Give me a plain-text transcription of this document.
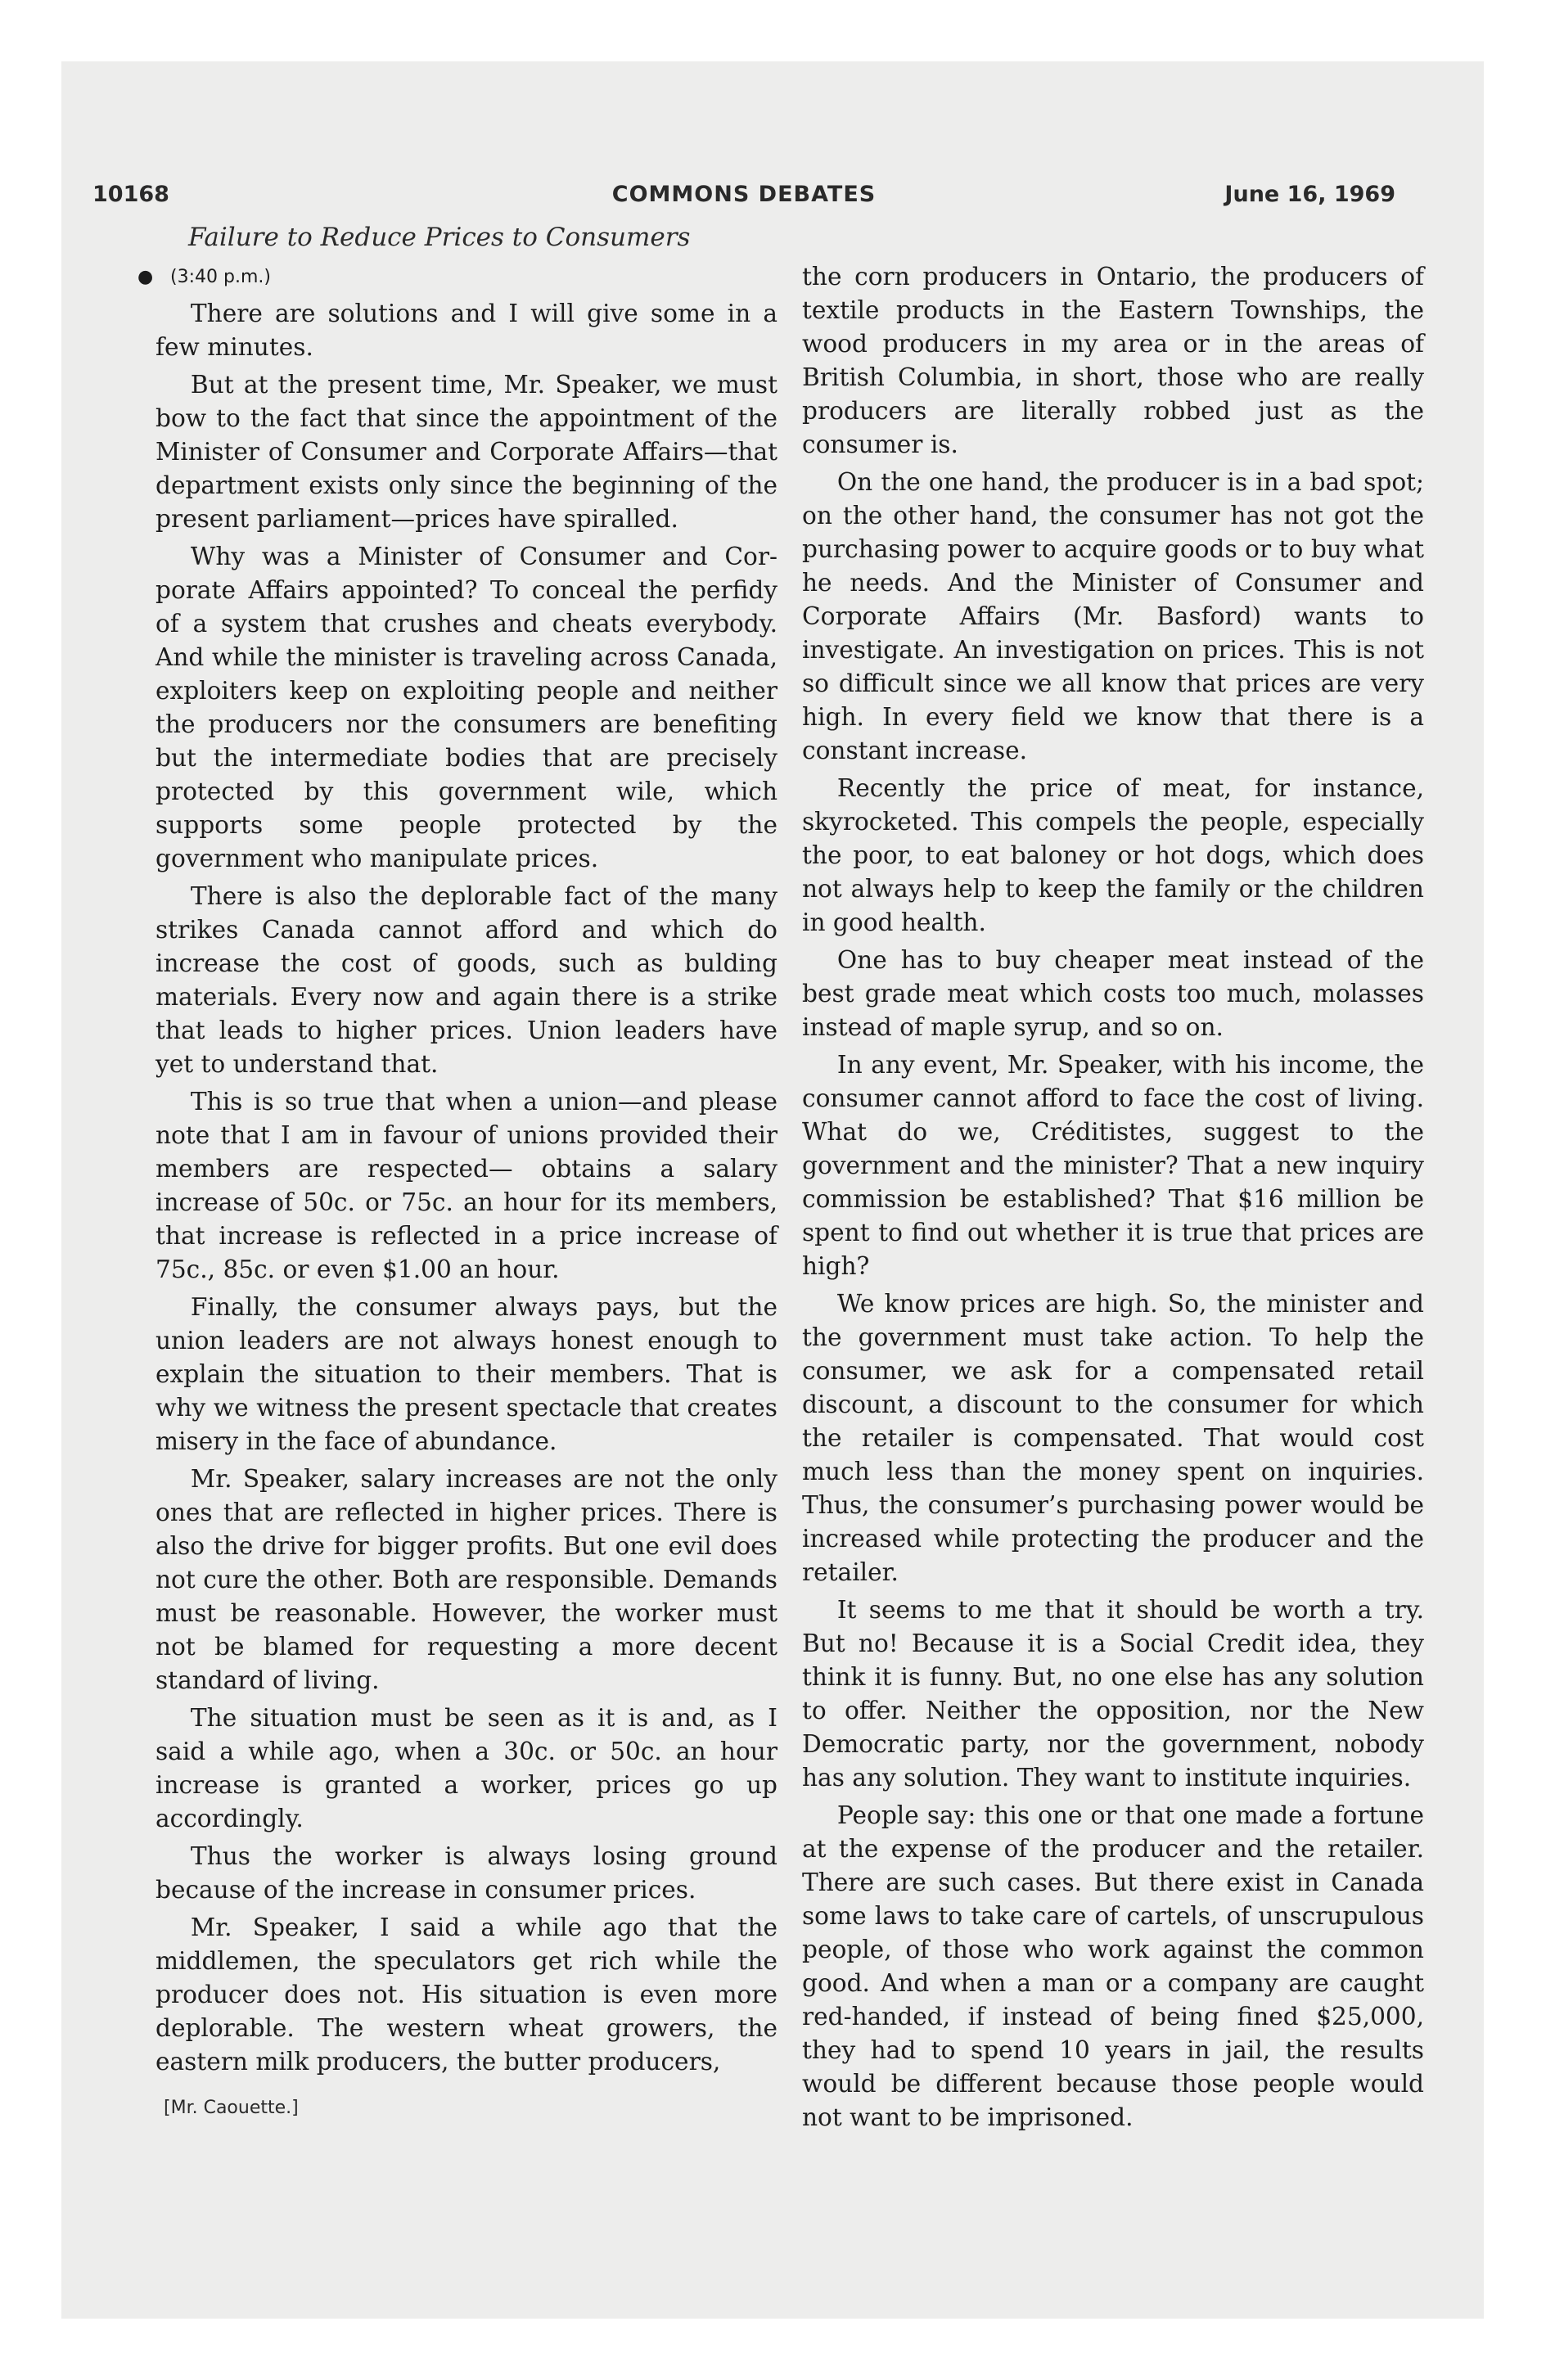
COMMONS DEBATES
10168	June 16, 1969
Failure to Reduce Prices to Consumers
● (3:40 p.m.)

There are solutions and I will give some in a few minutes.

But at the present time, Mr. Speaker, we must bow to the fact that since the appointment of the Minister of Consumer and Corporate Affairs—that department exists only since the beginning of the present parliament—prices have spiralled.

Why was a Minister of Consumer and Corporate Affairs appointed? To conceal the perfidy of a system that crushes and cheats everybody. And while the minister is traveling across Canada, exploiters keep on exploiting people and neither the producers nor the consumers are benefiting but the intermediate bodies that are precisely protected by this government wile, which supports some people protected by the government who manipulate prices.

There is also the deplorable fact of the many strikes Canada cannot afford and which do increase the cost of goods, such as bulding materials. Every now and again there is a strike that leads to higher prices. Union leaders have yet to understand that.

This is so true that when a union—and please note that I am in favour of unions provided their members are respected— obtains a salary increase of 50c. or 75c. an hour for its members, that increase is reflected in a price increase of 75c., 85c. or even $1.00 an hour.

Finally, the consumer always pays, but the union leaders are not always honest enough to explain the situation to their members. That is why we witness the present spectacle that creates misery in the face of abundance.

Mr. Speaker, salary increases are not the only ones that are reflected in higher prices. There is also the drive for bigger profits. But one evil does not cure the other. Both are responsible. Demands must be reasonable. However, the worker must not be blamed for requesting a more decent standard of living.

The situation must be seen as it is and, as I said a while ago, when a 30c. or 50c. an hour increase is granted a worker, prices go up accordingly.

Thus the worker is always losing ground because of the increase in consumer prices.

Mr. Speaker, I said a while ago that the middlemen, the speculators get rich while the producer does not. His situation is even more deplorable. The western wheat growers, the eastern milk producers, the butter producers,

the corn producers in Ontario, the producers of textile products in the Eastern Townships, the wood producers in my area or in the areas of British Columbia, in short, those who are really producers are literally robbed just as the consumer is.

On the one hand, the producer is in a bad spot; on the other hand, the consumer has not got the purchasing power to acquire goods or to buy what he needs. And the Minister of Consumer and Corporate Affairs (Mr. Basford) wants to investigate. An investigation on prices. This is not so difficult since we all know that prices are very high. In every field we know that there is a constant increase.

Recently the price of meat, for instance, skyrocketed. This compels the people, especially the poor, to eat baloney or hot dogs, which does not always help to keep the family or the children in good health.

One has to buy cheaper meat instead of the best grade meat which costs too much, molasses instead of maple syrup, and so on.

In any event, Mr. Speaker, with his income, the consumer cannot afford to face the cost of living. What do we, Créditistes, suggest to the government and the minister? That a new inquiry commission be established? That $16 million be spent to find out whether it is true that prices are high?

We know prices are high. So, the minister and the government must take action. To help the consumer, we ask for a compensated retail discount, a discount to the consumer for which the retailer is compensated. That would cost much less than the money spent on inquiries. Thus, the consumer’s purchasing power would be increased while protecting the producer and the retailer.

It seems to me that it should be worth a try. But no! Because it is a Social Credit idea, they think it is funny. But, no one else has any solution to offer. Neither the opposition, nor the New Democratic party, nor the government, nobody has any solution. They want to institute inquiries.

People say: this one or that one made a fortune at the expense of the producer and the retailer. There are such cases. But there exist in Canada some laws to take care of cartels, of unscrupulous people, of those who work against the common good. And when a man or a company are caught red-handed, if instead of being fined $25,000, they had to spend 10 years in jail, the results would be different because those people would not want to be imprisoned.

[Mr. Caouette.]
